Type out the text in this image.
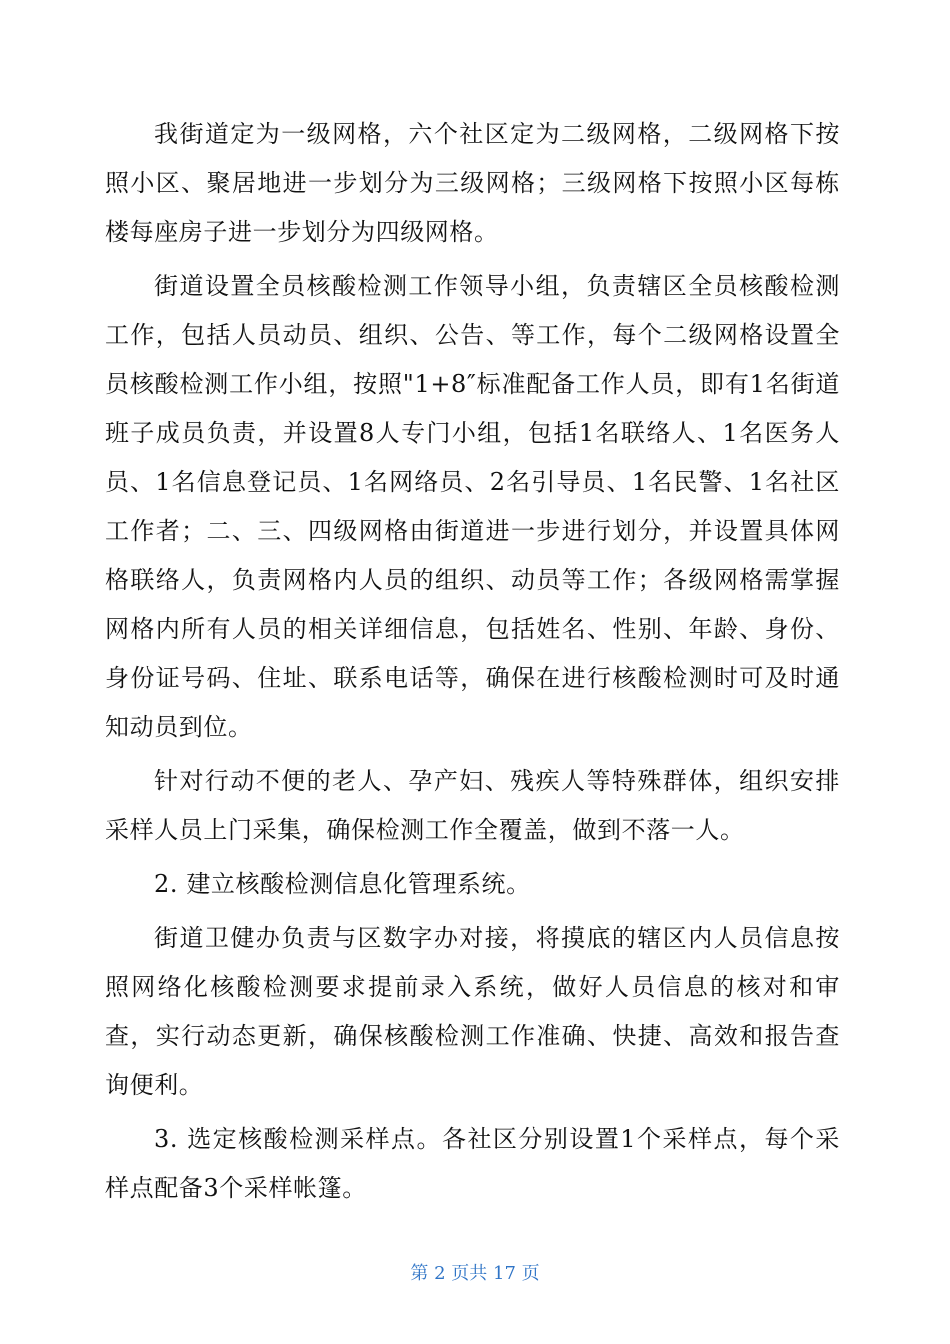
我街道定为一级网格，六个社区定为二级网格，二级网格下按照小区、聚居地进一步划分为三级网格；三级网格下按照小区每栋楼每座房子进一步划分为四级网格。

街道设置全员核酸检测工作领导小组，负责辖区全员核酸检测工作，包括人员动员、组织、公告、等工作，每个二级网格设置全员核酸检测工作小组，按照"1+8″标准配备工作人员，即有1名街道班子成员负责，并设置8人专门小组，包括1名联络人、1名医务人员、1名信息登记员、1名网络员、2名引导员、1名民警、1名社区工作者；二、三、四级网格由街道进一步进行划分，并设置具体网格联络人，负责网格内人员的组织、动员等工作；各级网格需掌握网格内所有人员的相关详细信息，包括姓名、性别、年龄、身份、身份证号码、住址、联系电话等，确保在进行核酸检测时可及时通知动员到位。

针对行动不便的老人、孕产妇、残疾人等特殊群体，组织安排采样人员上门采集，确保检测工作全覆盖，做到不落一人。

2. 建立核酸检测信息化管理系统。

街道卫健办负责与区数字办对接，将摸底的辖区内人员信息按照网络化核酸检测要求提前录入系统，做好人员信息的核对和审查，实行动态更新，确保核酸检测工作准确、快捷、高效和报告查询便利。

3. 选定核酸检测采样点。各社区分别设置1个采样点，每个采样点配备3个采样帐篷。

第 2 页共 17 页
